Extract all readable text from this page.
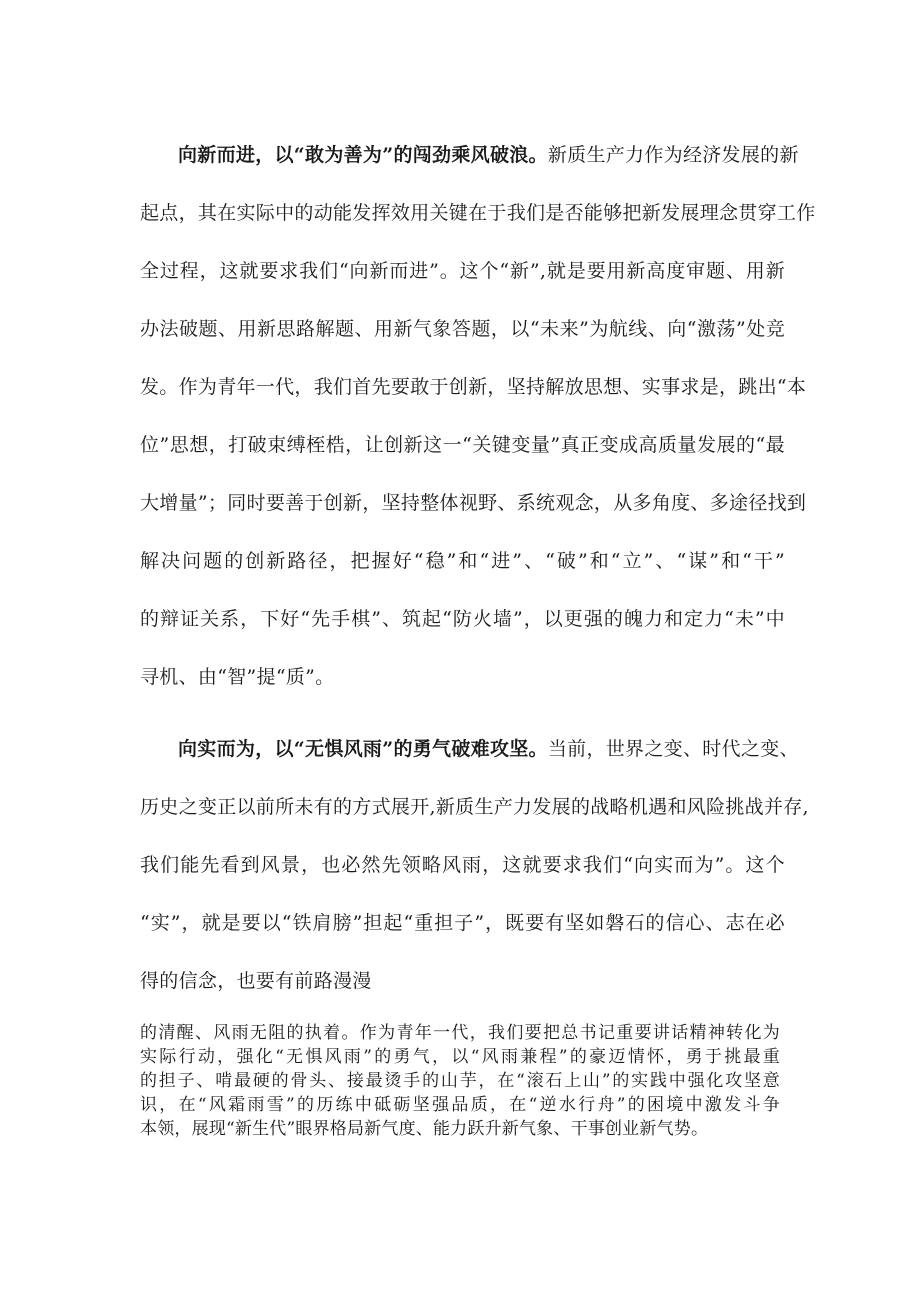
向新而进，以“敢为善为”的闯劲乘风破浪。新质生产力作为经济发展的新
起点，其在实际中的动能发挥效用关键在于我们是否能够把新发展理念贯穿工作
全过程，这就要求我们“向新而进”。这个“新”,就是要用新高度审题、用新
办法破题、用新思路解题、用新气象答题，以“未来”为航线、向“激荡”处竞
发。作为青年一代，我们首先要敢于创新，坚持解放思想、实事求是，跳出“本
位”思想，打破束缚桎梏，让创新这一“关键变量”真正变成高质量发展的“最
大增量”；同时要善于创新，坚持整体视野、系统观念，从多角度、多途径找到
解决问题的创新路径，把握好“稳”和“进”、“破”和“立”、“谋”和“干”
的辩证关系，下好“先手棋”、筑起“防火墙”，以更强的魄力和定力“未”中
寻机、由“智”提“质”。
向实而为，以“无惧风雨”的勇气破难攻坚。当前，世界之变、时代之变、
历史之变正以前所未有的方式展开,新质生产力发展的战略机遇和风险挑战并存,
我们能先看到风景，也必然先领略风雨，这就要求我们“向实而为”。这个
“实”，就是要以“铁肩膀”担起“重担子”，既要有坚如磐石的信心、志在必
得的信念，也要有前路漫漫
的清醒、风雨无阻的执着。作为青年一代，我们要把总书记重要讲话精神转化为
实际行动，强化“无惧风雨”的勇气，以“风雨兼程”的豪迈情怀，勇于挑最重
的担子、啃最硬的骨头、接最烫手的山芋，在“滚石上山”的实践中强化攻坚意
识，在“风霜雨雪”的历练中砥砺坚强品质，在“逆水行舟”的困境中激发斗争
本领，展现“新生代”眼界格局新气度、能力跃升新气象、干事创业新气势。
